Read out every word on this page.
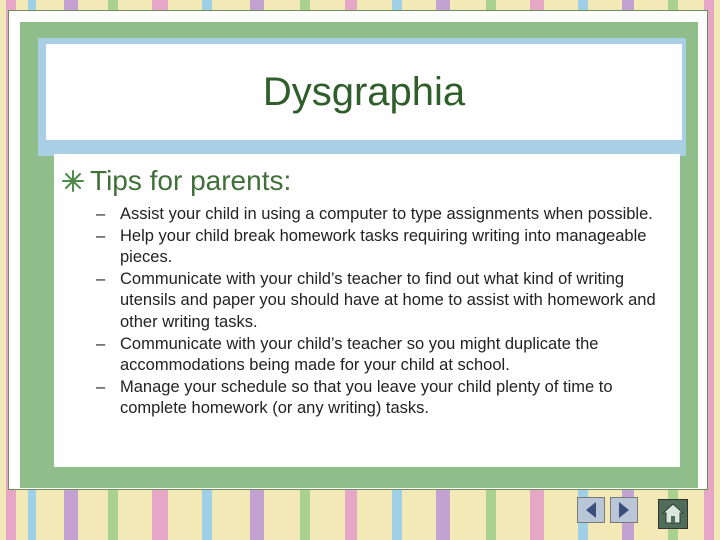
Dysgraphia
Tips for parents:
– Assist your child in using a computer to type assignments when possible.
– Help your child break homework tasks requiring writing into manageable pieces.
– Communicate with your child’s teacher to find out what kind of writing utensils and paper you should have at home to assist with homework and other writing tasks.
– Communicate with your child’s teacher so you might duplicate the accommodations being made for your child at school.
– Manage your schedule so that you leave your child plenty of time to complete homework (or any writing) tasks.
